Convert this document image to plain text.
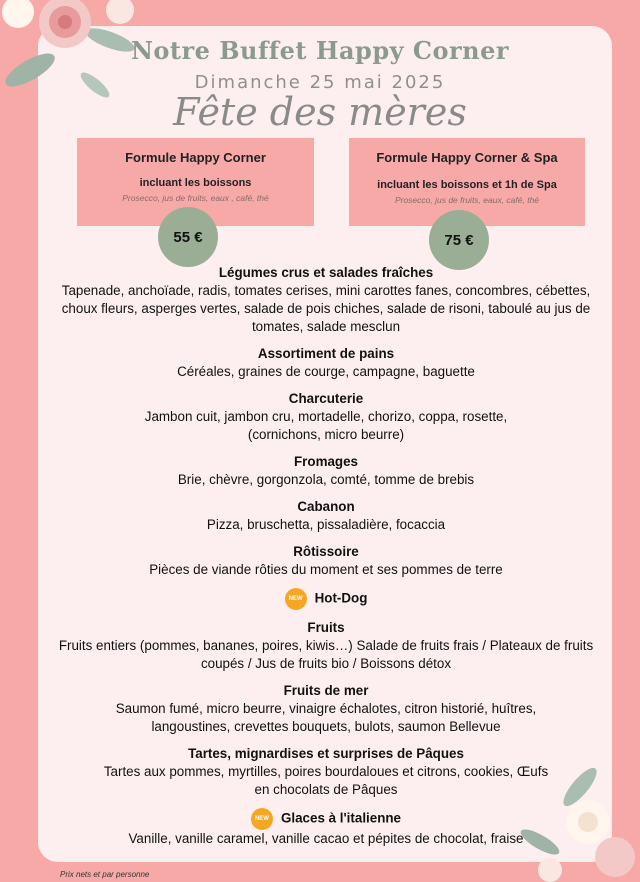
Notre Buffet Happy Corner
Dimanche 25 mai 2025
Fête des mères
Formule Happy Corner
incluant les boissons
Prosecco, jus de fruits, eaux , café, thé
Formule Happy Corner & Spa
incluant les boissons et 1h de Spa
Prosecco, jus de fruits, eaux, café, thé
55 €	75 €
Légumes crus et salades fraîches
Tapenade, anchoïade, radis, tomates cerises, mini carottes fanes, concombres, cébettes, choux fleurs, asperges vertes, salade de pois chiches, salade de risoni, taboulé au jus de tomates, salade mesclun
Assortiment de pains
Céréales, graines de courge, campagne, baguette
Charcuterie
Jambon cuit, jambon cru, mortadelle, chorizo, coppa, rosette, (cornichons, micro beurre)
Fromages
Brie, chèvre, gorgonzola, comté, tomme de brebis
Cabanon
Pizza, bruschetta, pissaladière, focaccia
Rôtissoire
Pièces de viande rôties du moment et ses pommes de terre
NEW Hot-Dog
Fruits
Fruits entiers (pommes, bananes, poires, kiwis…) Salade de fruits frais / Plateaux de fruits coupés / Jus de fruits bio / Boissons détox
Fruits de mer
Saumon fumé, micro beurre, vinaigre échalotes, citron historié, huîtres, langoustines, crevettes bouquets, bulots, saumon Bellevue
Tartes, mignardises et surprises de Pâques
Tartes aux pommes, myrtilles, poires bourdaloues et citrons, cookies, Œufs en chocolats de Pâques
NEW Glaces à l'italienne
Vanille, vanille caramel, vanille cacao et pépites de chocolat, fraise
Prix nets et par personne
